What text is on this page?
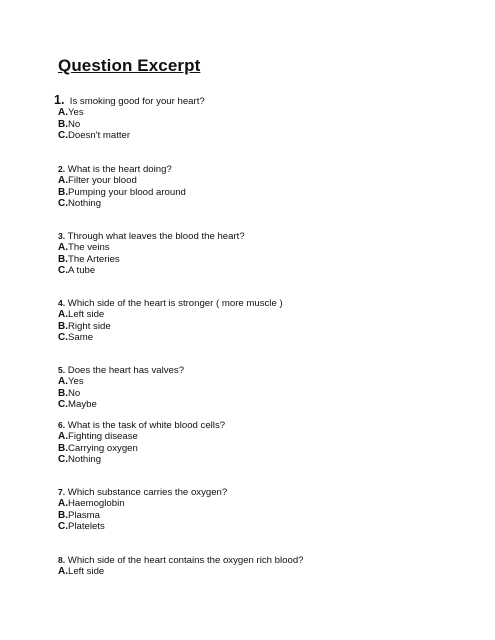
Question Excerpt
1. Is smoking good for your heart?
A.Yes
B.No
C.Doesn't matter
2. What is the heart doing?
A.Filter your blood
B.Pumping your blood around
C.Nothing
3. Through what leaves the blood the heart?
A.The veins
B.The Arteries
C.A tube
4. Which side of the heart is stronger ( more muscle )
A.Left side
B.Right side
C.Same
5. Does the heart has valves?
A.Yes
B.No
C.Maybe
6. What is the task of white blood cells?
A.Fighting disease
B.Carrying oxygen
C.Nothing
7. Which substance carries the oxygen?
A.Haemoglobin
B.Plasma
C.Platelets
8. Which side of the heart contains the oxygen rich blood?
A.Left side
